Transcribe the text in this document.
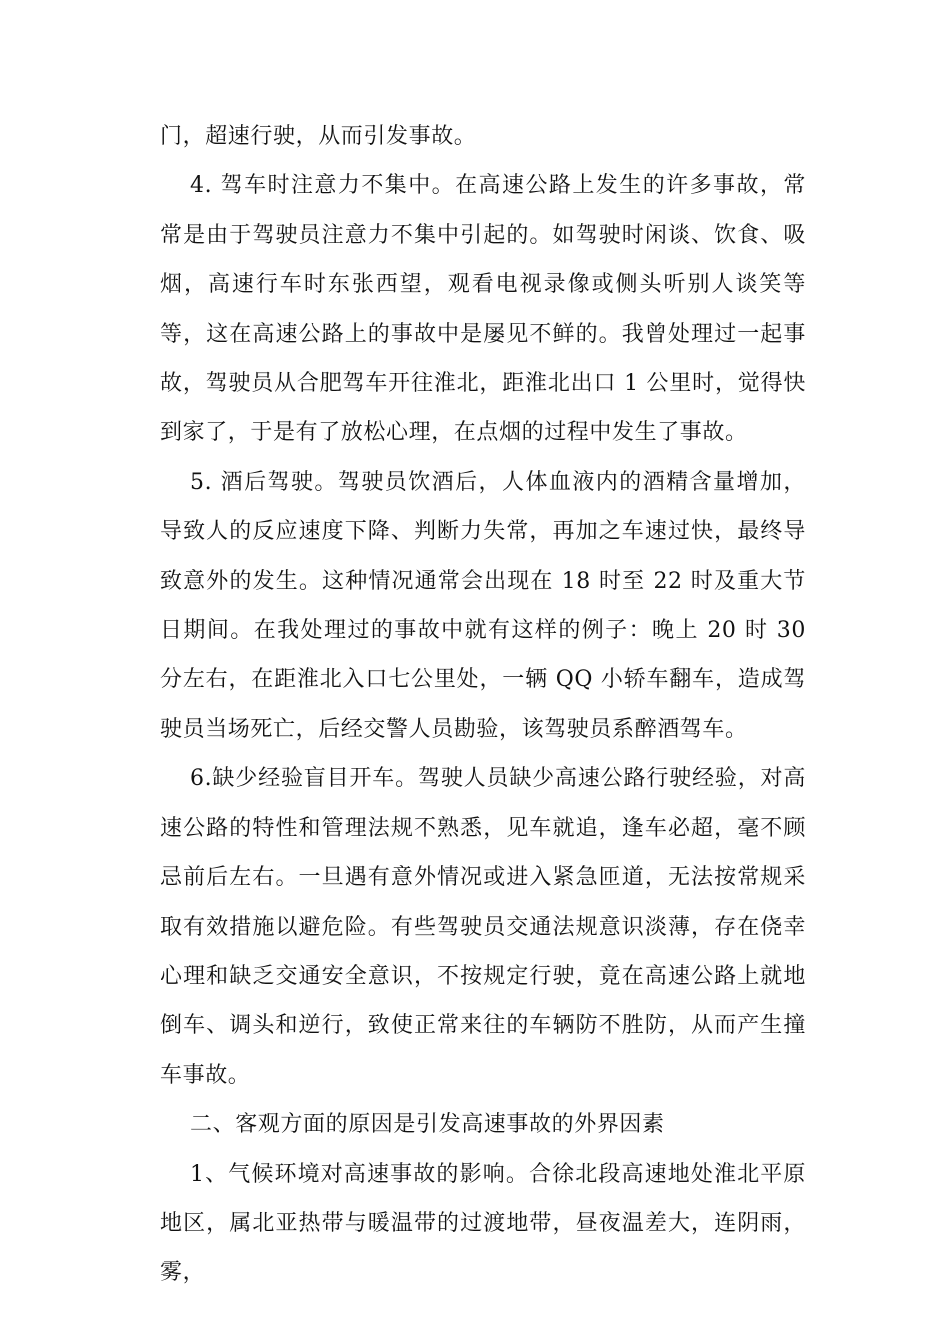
门，超速行驶，从而引发事故。

4. 驾车时注意力不集中。在高速公路上发生的许多事故，常常是由于驾驶员注意力不集中引起的。如驾驶时闲谈、饮食、吸烟，高速行车时东张西望，观看电视录像或侧头听别人谈笑等等，这在高速公路上的事故中是屡见不鲜的。我曾处理过一起事故，驾驶员从合肥驾车开往淮北，距淮北出口 1 公里时，觉得快到家了，于是有了放松心理，在点烟的过程中发生了事故。

5. 酒后驾驶。驾驶员饮酒后，人体血液内的酒精含量增加，导致人的反应速度下降、判断力失常，再加之车速过快，最终导致意外的发生。这种情况通常会出现在 18 时至 22 时及重大节日期间。在我处理过的事故中就有这样的例子：晚上 20 时 30 分左右，在距淮北入口七公里处，一辆 QQ 小轿车翻车，造成驾驶员当场死亡，后经交警人员勘验，该驾驶员系醉酒驾车。

6.缺少经验盲目开车。驾驶人员缺少高速公路行驶经验，对高速公路的特性和管理法规不熟悉，见车就追，逢车必超，毫不顾忌前后左右。一旦遇有意外情况或进入紧急匝道，无法按常规采取有效措施以避危险。有些驾驶员交通法规意识淡薄，存在侥幸心理和缺乏交通安全意识，不按规定行驶，竟在高速公路上就地倒车、调头和逆行，致使正常来往的车辆防不胜防，从而产生撞车事故。

二、客观方面的原因是引发高速事故的外界因素

1、气候环境对高速事故的影响。合徐北段高速地处淮北平原地区，属北亚热带与暖温带的过渡地带，昼夜温差大，连阴雨，雾，
